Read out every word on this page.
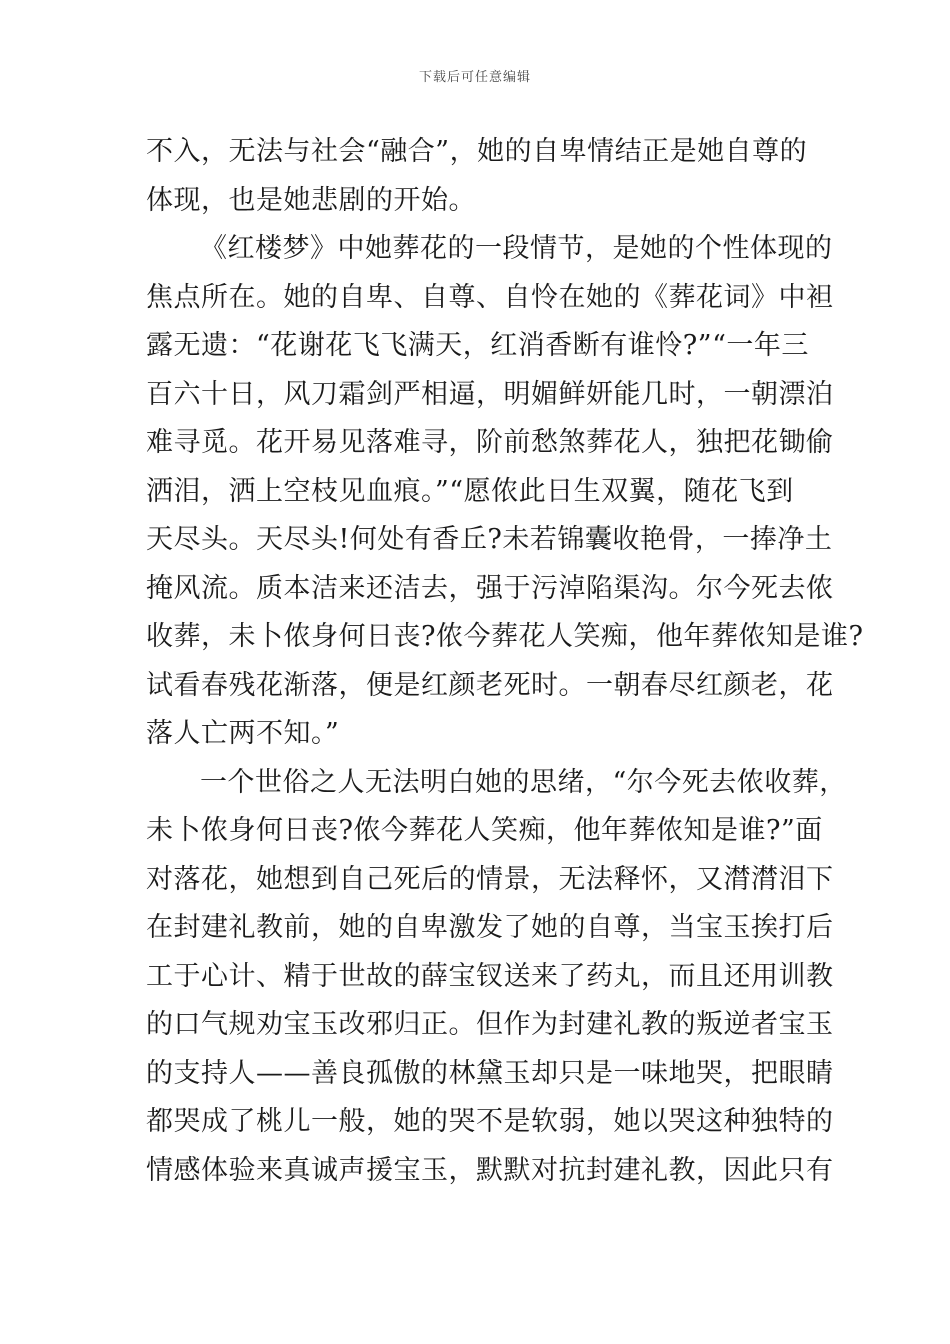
下载后可任意编辑
不入，无法与社会“融合”，她的自卑情结正是她自尊的
体现，也是她悲剧的开始。
《红楼梦》中她葬花的一段情节，是她的个性体现的
焦点所在。她的自卑、自尊、自怜在她的《葬花词》中袒
露无遗：“花谢花飞飞满天，红消香断有谁怜?”“一年三
百六十日，风刀霜剑严相逼，明媚鲜妍能几时，一朝漂泊
难寻觅。花开易见落难寻，阶前愁煞葬花人，独把花锄偷
洒泪，洒上空枝见血痕。”“愿侬此日生双翼，随花飞到
天尽头。天尽头!何处有香丘?未若锦囊收艳骨，一捧净土
掩风流。质本洁来还洁去，强于污淖陷渠沟。尔今死去侬
收葬，未卜侬身何日丧?侬今葬花人笑痴，他年葬侬知是谁?
试看春残花渐落，便是红颜老死时。一朝春尽红颜老，花
落人亡两不知。”
一个世俗之人无法明白她的思绪，“尔今死去侬收葬，
未卜侬身何日丧?侬今葬花人笑痴，他年葬侬知是谁?”面
对落花，她想到自己死后的情景，无法释怀，又潸潸泪下
在封建礼教前，她的自卑激发了她的自尊，当宝玉挨打后
工于心计、精于世故的薛宝钗送来了药丸，而且还用训教
的口气规劝宝玉改邪归正。但作为封建礼教的叛逆者宝玉
的支持人——善良孤傲的林黛玉却只是一味地哭，把眼睛
都哭成了桃儿一般，她的哭不是软弱，她以哭这种独特的
情感体验来真诚声援宝玉，默默对抗封建礼教，因此只有
